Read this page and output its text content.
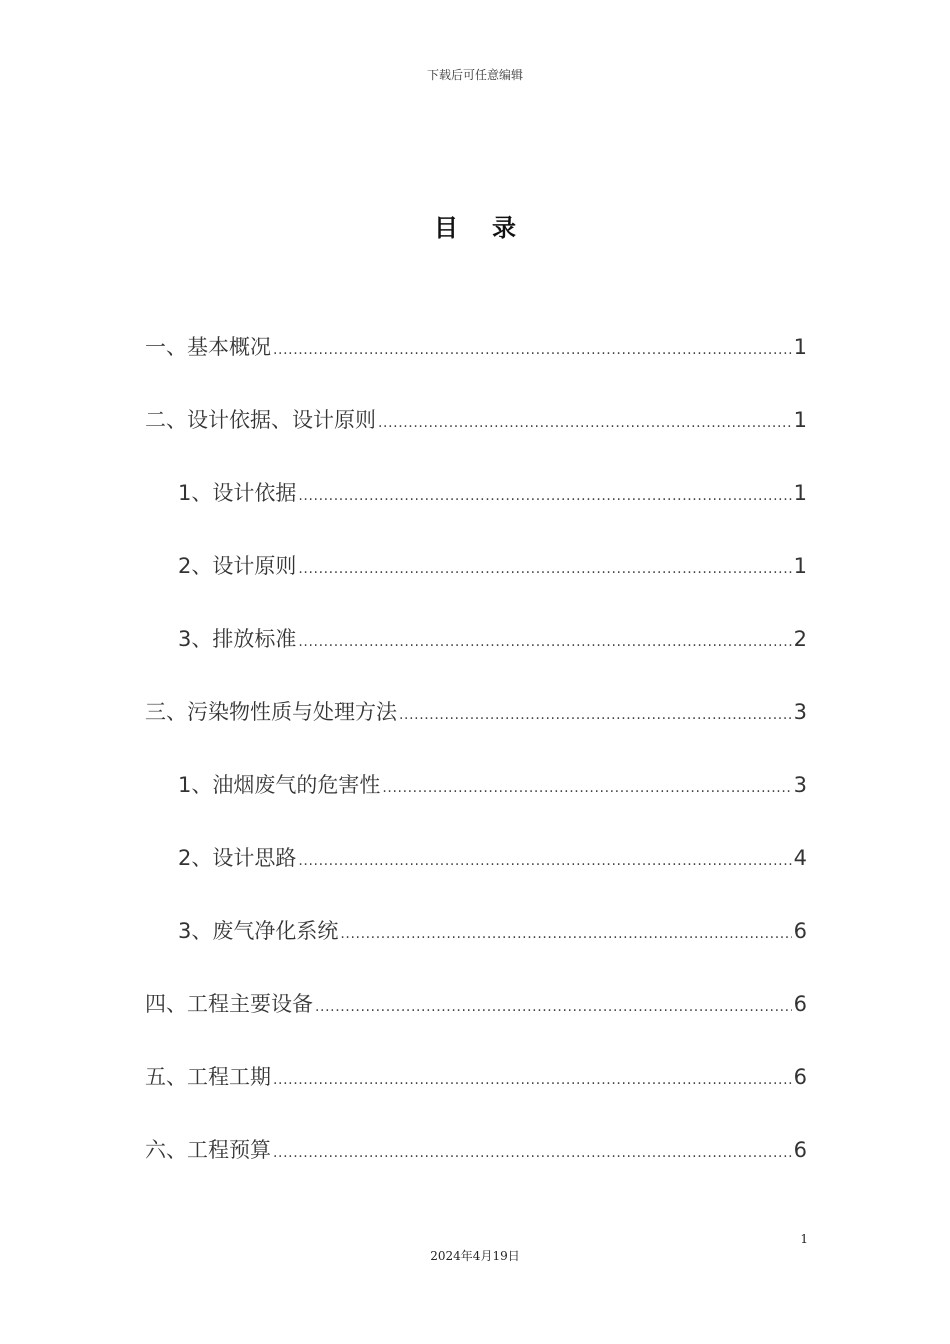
下载后可任意编辑
目 录
一、基本概况 .....	1
二、设计依据、设计原则 .....	1
1、设计依据 .....	1
2、设计原则 .....	1
3、排放标准 .....	2
三、污染物性质与处理方法 .....	3
1、油烟废气的危害性 .....	3
2、设计思路 .....	4
3、废气净化系统 .....	6
四、工程主要设备 .....	6
五、工程工期 .....	6
六、工程预算 .....	6
1
2024年4月19日
